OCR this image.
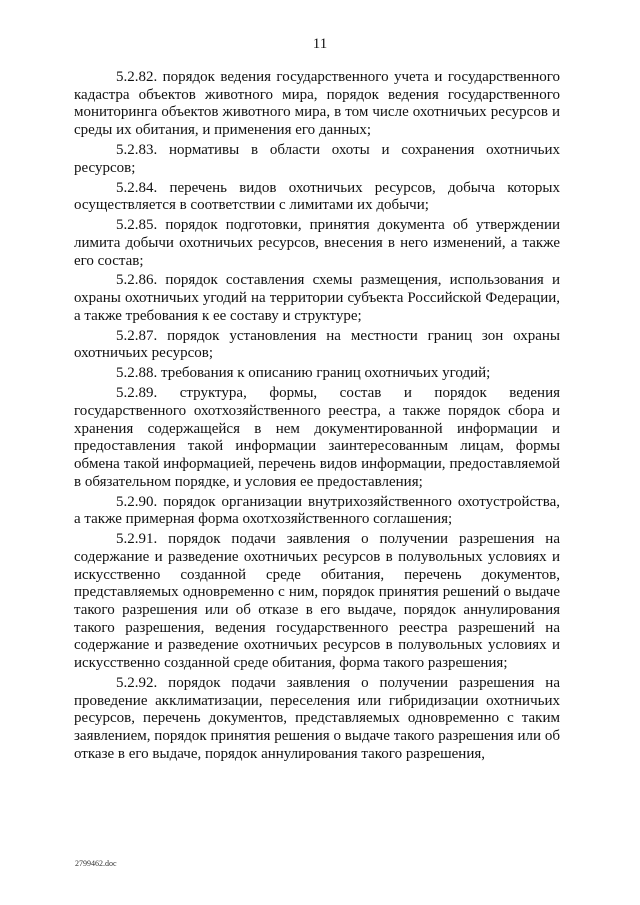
11

5.2.82. порядок ведения государственного учета и государственного кадастра объектов животного мира, порядок ведения государственного мониторинга объектов животного мира, в том числе охотничьих ресурсов и среды их обитания, и применения его данных;

5.2.83. нормативы в области охоты и сохранения охотничьих ресурсов;

5.2.84. перечень видов охотничьих ресурсов, добыча которых осуществляется в соответствии с лимитами их добычи;

5.2.85. порядок подготовки, принятия документа об утверждении лимита добычи охотничьих ресурсов, внесения в него изменений, а также его состав;

5.2.86. порядок составления схемы размещения, использования и охраны охотничьих угодий на территории субъекта Российской Федерации, а также требования к ее составу и структуре;

5.2.87. порядок установления на местности границ зон охраны охотничьих ресурсов;

5.2.88. требования к описанию границ охотничьих угодий;

5.2.89. структура, формы, состав и порядок ведения государственного охотхозяйственного реестра, а также порядок сбора и хранения содержащейся в нем документированной информации и предоставления такой информации заинтересованным лицам, формы обмена такой информацией, перечень видов информации, предоставляемой в обязательном порядке, и условия ее предоставления;

5.2.90. порядок организации внутрихозяйственного охотустройства, а также примерная форма охотхозяйственного соглашения;

5.2.91. порядок подачи заявления о получении разрешения на содержание и разведение охотничьих ресурсов в полувольных условиях и искусственно созданной среде обитания, перечень документов, представляемых одновременно с ним, порядок принятия решений о выдаче такого разрешения или об отказе в его выдаче, порядок аннулирования такого разрешения, ведения государственного реестра разрешений на содержание и разведение охотничьих ресурсов в полувольных условиях и искусственно созданной среде обитания, форма такого разрешения;

5.2.92. порядок подачи заявления о получении разрешения на проведение акклиматизации, переселения или гибридизации охотничьих ресурсов, перечень документов, представляемых одновременно с таким заявлением, порядок принятия решения о выдаче такого разрешения или об отказе в его выдаче, порядок аннулирования такого разрешения,

2799462.doc
